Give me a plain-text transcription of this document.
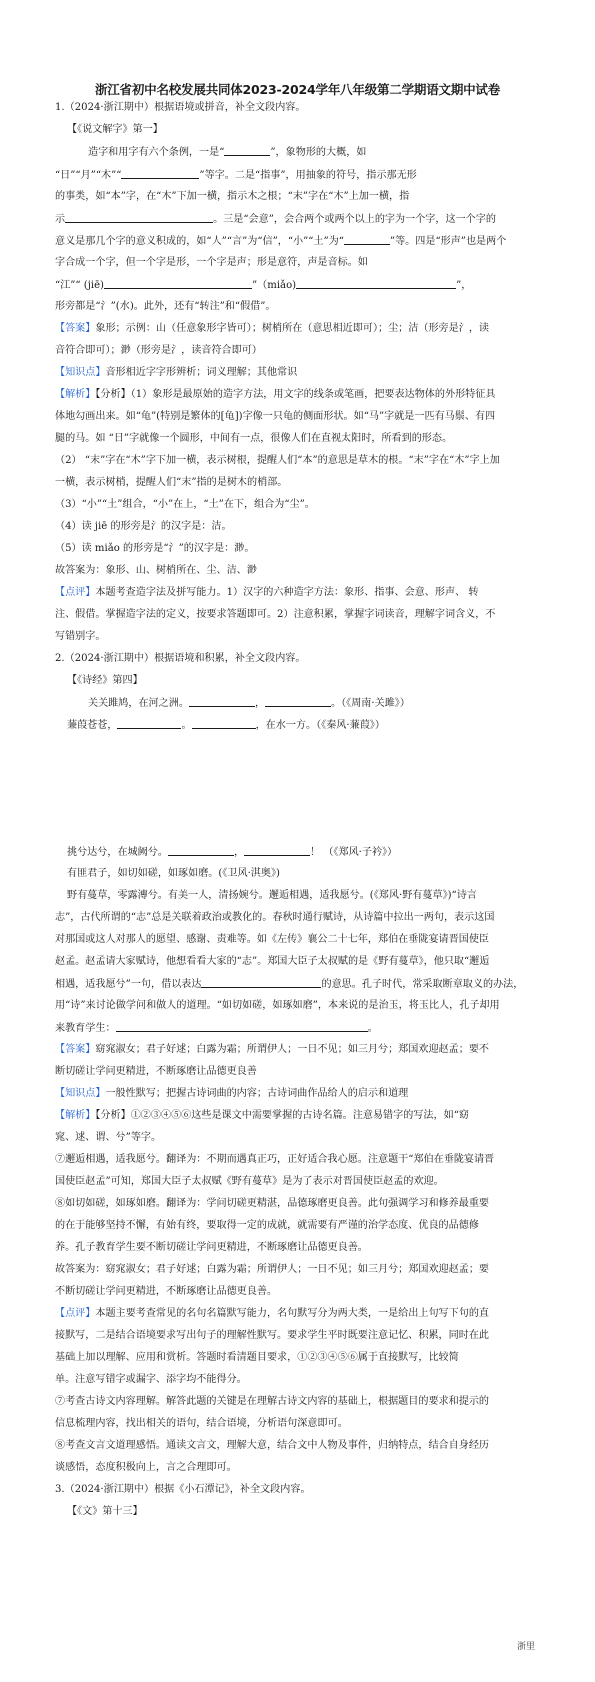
浙江省初中名校发展共同体2023-2024学年八年级第二学期语文期中试卷
1.（2024·浙江期中）根据语境或拼音，补全文段内容。
【《说文解字》第一】
造字和用字有六个条例，一是“	”，象物形的大概，如
“日”“月”“木”“	”等字。二是“指事”，用抽象的符号，指示那无形
的事类，如“本”字，在“木”下加一横，指示木之根；“末”字在“木”上加一横，指
示	。三是“会意”，会合两个或两个以上的字为一个字，这一个字的
意义是那几个字的意义积成的，如“人”“言”为“信”，“小”“土”为“	”等。四是“形声”也是两个
字合成一个字，但一个字是形，一个字是声；形是意符，声是音标。如
“江”“ (jiē)	”（miǎo)	”，
形旁都是“氵”(水)。此外，还有“转注”和“假借”。
【答案】象形；示例：山（任意象形字皆可）；树梢所在（意思相近即可）；尘；洁（形旁是氵，读
音符合即可）；渺（形旁是氵，读音符合即可）
【知识点】音形相近字字形辨析；词义理解；其他常识
【解析】【分析】（1）象形是最原始的造字方法，用文字的线条或笔画，把要表达物体的外形特征具
体地勾画出来。如“龟”(特别是繁体的[龟])字像一只龟的侧面形状。如“马”字就是一匹有马鬃、有四
腿的马。如 “日”字就像一个圆形，中间有一点，很像人们在直视太阳时，所看到的形态。
（2） “末”字在“木”字下加一横，表示树根，提醒人们“本”的意思是草木的根。“末”字在“木”字上加
一横，表示树梢，提醒人们“末”指的是树木的梢部。
（3）“小”“土”组合，“小”在上，“土”在下，组合为“尘”。
（4）读 jiē 的形旁是氵的汉字是：洁。
（5）读 miǎo 的形旁是“氵”的汉字是：渺。
故答案为：象形、山、树梢所在、尘、洁、渺
【点评】本题考查造字法及拼写能力。1）汉字的六种造字方法：象形、指事、会意、形声、 转
注、假借。掌握造字法的定义，按要求答题即可。2）注意积累，掌握字词读音，理解字词含义，不
写错别字。
2.（2024·浙江期中）根据语境和积累，补全文段内容。
【《诗经》第四】
关关雎鸠，在河之洲。	，	。（《周南·关雎》）
蒹葭苍苍，	。	，在水一方。（《秦风·蒹葭》）
挑兮达兮，在城阙兮。	，	！ （《郑风·子衿》）
有匪君子，如切如磋，如琢如磨。(《卫风·淇奥》)
野有蔓草，零露漙兮。有美一人，清扬婉兮。邂逅相遇，适我愿兮。(《郑风·野有蔓草》)“诗言
志”，古代所谓的“志”总是关联着政治或教化的。春秋时通行赋诗，从诗篇中拉出一两句，表示这国
对那国或这人对那人的愿望、感谢、责难等。如《左传》襄公二十七年，郑伯在垂陇宴请晋国使臣
赵孟。赵孟请大家赋诗，他想看看大家的“志”。郑国大臣子太叔赋的是《野有蔓草》，他只取“邂逅
相遇，适我愿兮”一句，借以表达	的意思。孔子时代，常采取断章取义的办法，
用“诗”来讨论做学问和做人的道理。“如切如磋，如琢如磨”，本来说的是治玉，将玉比人，孔子却用
来教育学生：	。
【答案】窈窕淑女；君子好逑；白露为霜；所谓伊人；一日不见；如三月兮；郑国欢迎赵孟；要不
断切磋让学问更精进，不断琢磨让品德更良善
【知识点】一般性默写；把握古诗词曲的内容；古诗词曲作品给人的启示和道理
【解析】【分析】①②③④⑤⑥这些是课文中需要掌握的古诗名篇。注意易错字的写法，如“窈
窕、逑、谓、兮”等字。
⑦邂逅相遇，适我愿兮。翻译为：不期而遇真正巧，正好适合我心愿。注意题干“郑伯在垂陇宴请晋
国使臣赵孟”可知，郑国大臣子太叔赋《野有蔓草》是为了表示对晋国使臣赵孟的欢迎。
⑧如切如磋，如琢如磨。翻译为：学问切磋更精湛，品德琢磨更良善。此句强调学习和修养最重要
的在于能够坚持不懈，有始有终，要取得一定的成就，就需要有严谨的治学态度、优良的品德修
养。孔子教育学生要不断切磋让学问更精进，不断琢磨让品德更良善。
故答案为：窈窕淑女；君子好逑；白露为霜；所谓伊人；一日不见；如三月兮；郑国欢迎赵孟；要
不断切磋让学问更精进，不断琢磨让品德更良善。
【点评】本题主要考查常见的名句名篇默写能力，名句默写分为两大类，一是给出上句写下句的直
接默写，二是结合语境要求写出句子的理解性默写。要求学生平时既要注意记忆、积累，同时在此
基础上加以理解、应用和赏析。答题时看清题目要求，①②③④⑤⑥属于直接默写，比较简
单。注意写错字或漏字、添字均不能得分。
⑦考查古诗文内容理解。解答此题的关键是在理解古诗文内容的基础上，根据题目的要求和提示的
信息梳理内容，找出相关的语句，结合语境，分析语句深意即可。
⑧考查文言文道理感悟。通读文言文，理解大意，结合文中人物及事件，归纳特点，结合自身经历
谈感悟，态度积极向上，言之合理即可。
3.（2024·浙江期中）根据《小石潭记》，补全文段内容。
【《文》第十三】
浙里
